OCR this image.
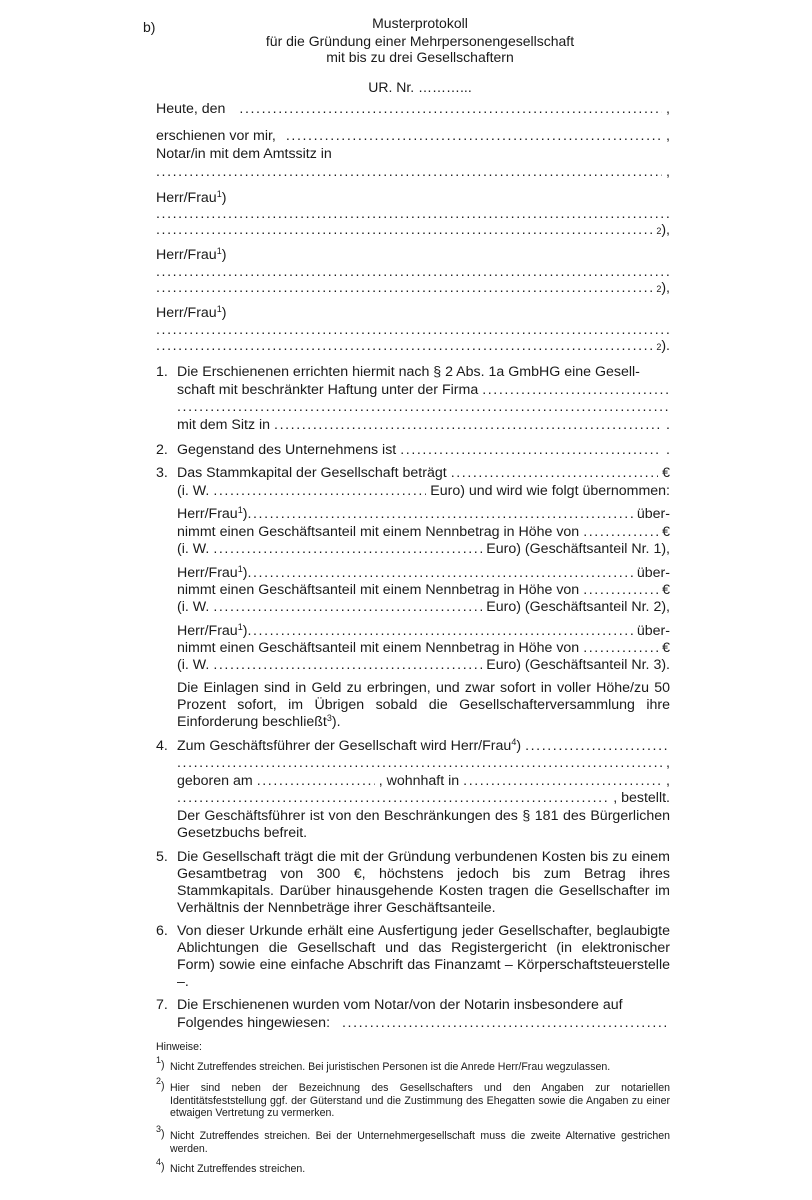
b)	Musterprotokoll
für die Gründung einer Mehrpersonengesellschaft
mit bis zu drei Gesellschaftern
UR. Nr. ………...
Heute, den .....	,
erschienen vor mir, .....	,
Notar/in mit dem Amtssitz in
.....
,
Herr/Frau$^1$)
.....
.....
2 ),
Herr/Frau$^1$)
.....
.....
2 ),
Herr/Frau$^1$)
.....
.....
2 ).
1. Die Erschienenen errichten hiermit nach § 2 Abs. 1a GmbHG eine Gesell-
schaft mit beschränkter Haftung unter der Firma
.....
.....
mit dem Sitz in .....	.
2. Gegenstand des Unternehmens ist .....	.
3. Das Stammkapital der Gesellschaft beträgt .....	€
(i. W. .....	Euro) und wird wie folgt übernommen:
Herr/Frau$^1$) .....	über-
nimmt einen Geschäftsanteil mit einem Nennbetrag in Höhe von .....	€
(i. W. .....	Euro) (Geschäftsanteil Nr. 1),
Herr/Frau$^1$) .....	über-
nimmt einen Geschäftsanteil mit einem Nennbetrag in Höhe von .....	€
(i. W. .....	Euro) (Geschäftsanteil Nr. 2),
Herr/Frau$^1$) .....	über-
nimmt einen Geschäftsanteil mit einem Nennbetrag in Höhe von .....	€
(i. W. .....	Euro) (Geschäftsanteil Nr. 3).
Die Einlagen sind in Geld zu erbringen, und zwar sofort in voller Höhe/zu 50 Prozent sofort, im Übrigen sobald die Gesellschafterversammlung ihre Einforderung beschließt$^3$).
4. Zum Geschäftsführer der Gesellschaft wird Herr/Frau$^4$)
.....
.....
,
geboren am .....	, wohnhaft in .....	,
.....
, bestellt.
Der Geschäftsführer ist von den Beschränkungen des § 181 des Bürgerlichen Gesetzbuchs befreit.
5. Die Gesellschaft trägt die mit der Gründung verbundenen Kosten bis zu einem Gesamtbetrag von 300 €, höchstens jedoch bis zum Betrag ihres Stammkapitals. Darüber hinausgehende Kosten tragen die Gesellschafter im Verhältnis der Nennbeträge ihrer Geschäftsanteile.
6. Von dieser Urkunde erhält eine Ausfertigung jeder Gesellschafter, beglaubigte Ablichtungen die Gesellschaft und das Registergericht (in elektronischer Form) sowie eine einfache Abschrift das Finanzamt – Körperschaftsteuerstelle –.
7. Die Erschienenen wurden vom Notar/von der Notarin insbesondere auf
Folgendes hingewiesen:
.....
Hinweise:
$^1$) Nicht Zutreffendes streichen. Bei juristischen Personen ist die Anrede Herr/Frau wegzulassen.
$^2$) Hier sind neben der Bezeichnung des Gesellschafters und den Angaben zur notariellen Identitätsfeststellung ggf. der Güterstand und die Zustimmung des Ehegatten sowie die Angaben zu einer etwaigen Vertretung zu vermerken.
$^3$) Nicht Zutreffendes streichen. Bei der Unternehmergesellschaft muss die zweite Alternative gestrichen werden.
$^4$) Nicht Zutreffendes streichen.
